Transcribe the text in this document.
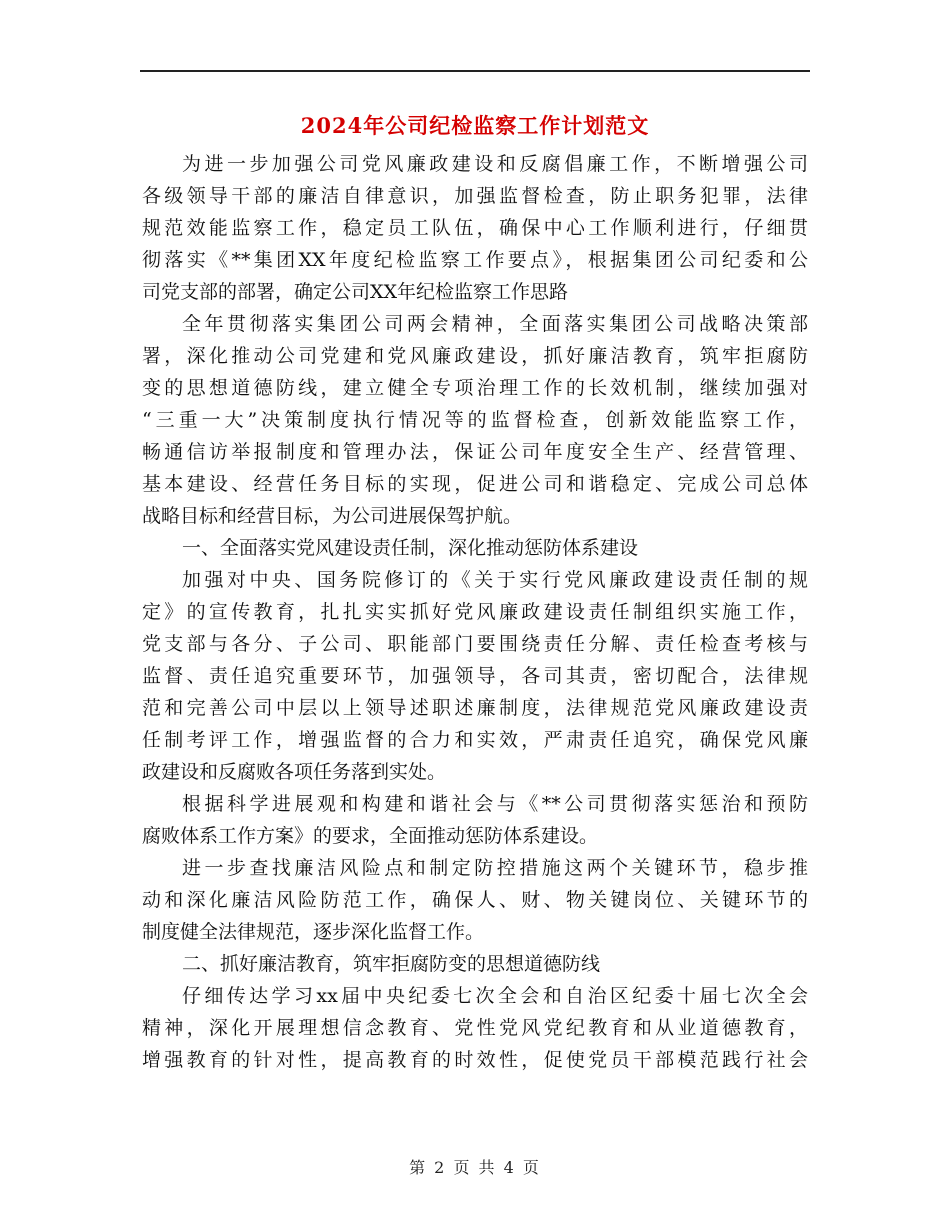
2024年公司纪检监察工作计划范文
为进一步加强公司党风廉政建设和反腐倡廉工作，不断增强公司
各级领导干部的廉洁自律意识，加强监督检查，防止职务犯罪，法律
规范效能监察工作，稳定员工队伍，确保中心工作顺利进行，仔细贯
彻落实《**集团XX年度纪检监察工作要点》，根据集团公司纪委和公
司党支部的部署，确定公司XX年纪检监察工作思路
全年贯彻落实集团公司两会精神，全面落实集团公司战略决策部
署，深化推动公司党建和党风廉政建设，抓好廉洁教育，筑牢拒腐防
变的思想道德防线，建立健全专项治理工作的长效机制，继续加强对
“三重一大”决策制度执行情况等的监督检查，创新效能监察工作，
畅通信访举报制度和管理办法，保证公司年度安全生产、经营管理、
基本建设、经营任务目标的实现，促进公司和谐稳定、完成公司总体
战略目标和经营目标，为公司进展保驾护航。
一、全面落实党风建设责任制，深化推动惩防体系建设
加强对中央、国务院修订的《关于实行党风廉政建设责任制的规
定》的宣传教育，扎扎实实抓好党风廉政建设责任制组织实施工作，
党支部与各分、子公司、职能部门要围绕责任分解、责任检查考核与
监督、责任追究重要环节，加强领导，各司其责，密切配合，法律规
范和完善公司中层以上领导述职述廉制度，法律规范党风廉政建设责
任制考评工作，增强监督的合力和实效，严肃责任追究，确保党风廉
政建设和反腐败各项任务落到实处。
根据科学进展观和构建和谐社会与《**公司贯彻落实惩治和预防
腐败体系工作方案》的要求，全面推动惩防体系建设。
进一步查找廉洁风险点和制定防控措施这两个关键环节，稳步推
动和深化廉洁风险防范工作，确保人、财、物关键岗位、关键环节的
制度健全法律规范，逐步深化监督工作。
二、抓好廉洁教育，筑牢拒腐防变的思想道德防线
仔细传达学习xx届中央纪委七次全会和自治区纪委十届七次全会
精神，深化开展理想信念教育、党性党风党纪教育和从业道德教育，
增强教育的针对性，提高教育的时效性，促使党员干部模范践行社会
第 2 页 共 4 页
